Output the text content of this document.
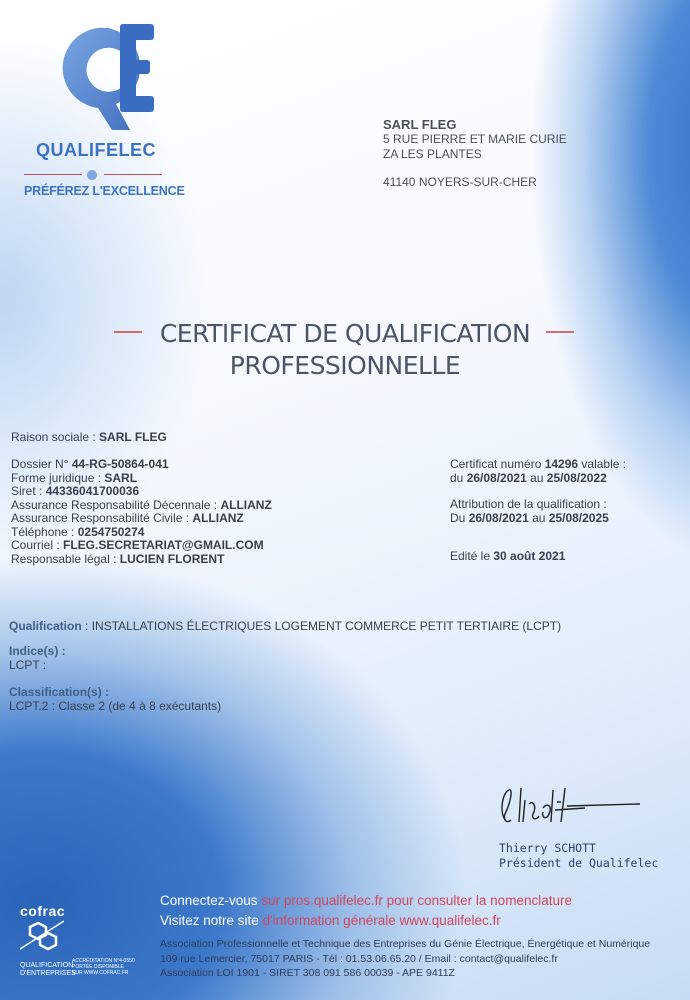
QUALIFELEC
PRÉFÉREZ L'EXCELLENCE
SARL FLEG
5 RUE PIERRE ET MARIE CURIE
ZA LES PLANTES
41140 NOYERS-SUR-CHER
CERTIFICAT DE QUALIFICATION
PROFESSIONNELLE
Raison sociale : SARL FLEG
Dossier N° 44-RG-50864-041
Forme juridique : SARL
Siret : 44336041700036
Assurance Responsabilité Décennale : ALLIANZ
Assurance Responsabilité Civile : ALLIANZ
Téléphone : 0254750274
Courriel : FLEG.SECRETARIAT@GMAIL.COM
Responsable légal : LUCIEN FLORENT
Certificat numéro 14296 valable :
du 26/08/2021 au 25/08/2022
Attribution de la qualification :
Du 26/08/2021 au 25/08/2025
Edité le 30 août 2021
Qualification : INSTALLATIONS ÉLECTRIQUES LOGEMENT COMMERCE PETIT TERTIAIRE (LCPT)
Indice(s) :
LCPT :
Classification(s) :
LCPT.2 : Classe 2 (de 4 à 8 exécutants)
Thierry SCHOTT
Président de Qualifelec
cofrac
QUALIFICATION
D'ENTREPRISES
ACCRÉDITATION N°4-0550
PORTÉE DISPONIBLE
SUR WWW.COFRAC.FR
Connectez-vous sur pros.qualifelec.fr pour consulter la nomenclature
Visitez notre site d'information générale www.qualifelec.fr
Association Professionnelle et Technique des Entreprises du Génie Électrique, Énergétique et Numérique
109 rue Lemercier, 75017 PARIS - Tél : 01.53.06.65.20 / Email : contact@qualifelec.fr
Association LOI 1901 - SIRET 308 091 586 00039 - APE 9411Z
